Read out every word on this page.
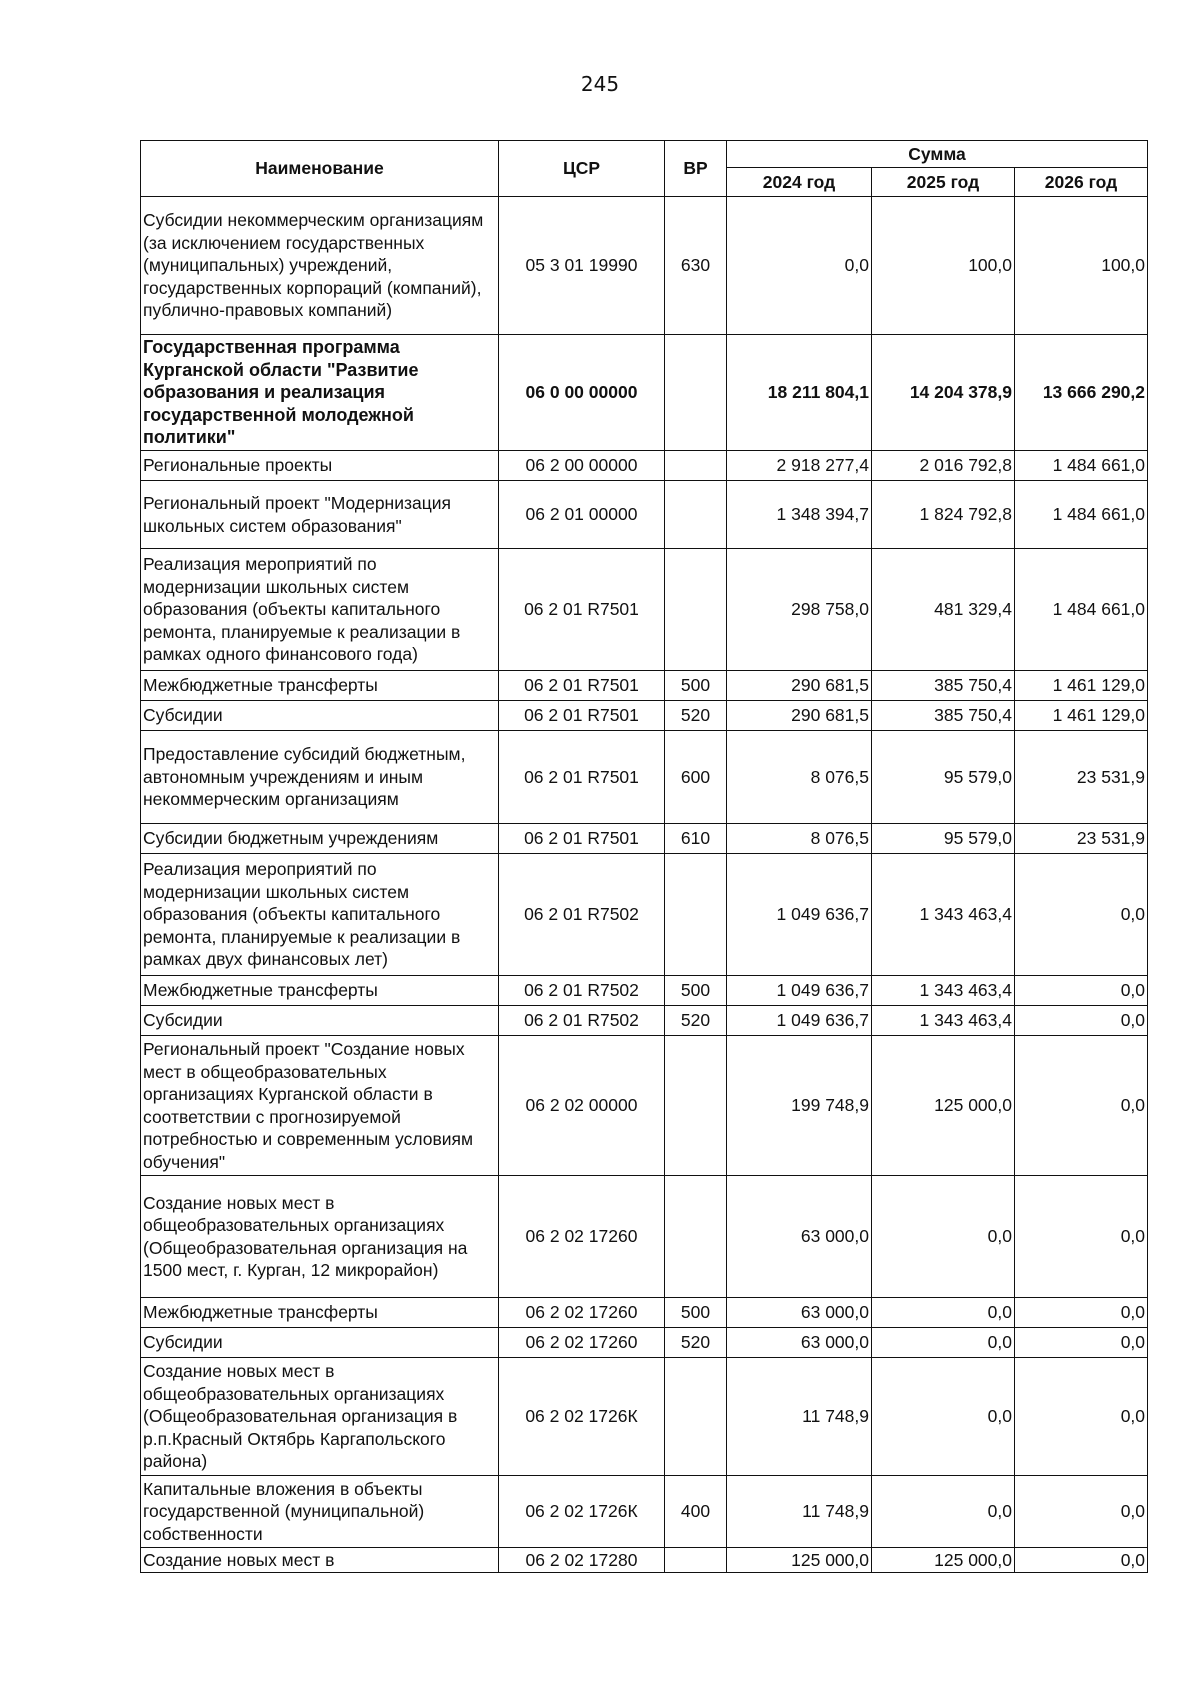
245
Наименование	ЦСР	ВР	Сумма		
			2024 год	2025 год	2026 год
Субсидии некоммерческим организациям (за исключением государственных (муниципальных) учреждений, государственных корпораций (компаний), публично-правовых компаний)	05 3 01 19990	630	0,0	100,0	100,0
Государственная программа Курганской области "Развитие образования и реализация государственной молодежной политики"	06 0 00 00000		18 211 804,1	14 204 378,9	13 666 290,2
Региональные проекты	06 2 00 00000		2 918 277,4	2 016 792,8	1 484 661,0
Региональный проект "Модернизация школьных систем образования"	06 2 01 00000		1 348 394,7	1 824 792,8	1 484 661,0
Реализация мероприятий по модернизации школьных систем образования (объекты капитального ремонта, планируемые к реализации в рамках одного финансового года)	06 2 01 R7501		298 758,0	481 329,4	1 484 661,0
Межбюджетные трансферты	06 2 01 R7501	500	290 681,5	385 750,4	1 461 129,0
Субсидии	06 2 01 R7501	520	290 681,5	385 750,4	1 461 129,0
Предоставление субсидий бюджетным, автономным учреждениям и иным некоммерческим организациям	06 2 01 R7501	600	8 076,5	95 579,0	23 531,9
Субсидии бюджетным учреждениям	06 2 01 R7501	610	8 076,5	95 579,0	23 531,9
Реализация мероприятий по модернизации школьных систем образования (объекты капитального ремонта, планируемые к реализации в рамках двух финансовых лет)	06 2 01 R7502		1 049 636,7	1 343 463,4	0,0
Межбюджетные трансферты	06 2 01 R7502	500	1 049 636,7	1 343 463,4	0,0
Субсидии	06 2 01 R7502	520	1 049 636,7	1 343 463,4	0,0
Региональный проект "Создание новых мест в общеобразовательных организациях Курганской области в соответствии с прогнозируемой потребностью и современным условиям обучения"	06 2 02 00000		199 748,9	125 000,0	0,0
Создание новых мест в общеобразовательных организациях (Общеобразовательная организация на 1500 мест, г. Курган, 12 микрорайон)	06 2 02 17260		63 000,0	0,0	0,0
Межбюджетные трансферты	06 2 02 17260	500	63 000,0	0,0	0,0
Субсидии	06 2 02 17260	520	63 000,0	0,0	0,0
Создание новых мест в общеобразовательных организациях (Общеобразовательная организация в р.п.Красный Октябрь Каргапольского района)	06 2 02 1726К		11 748,9	0,0	0,0
Капитальные вложения в объекты государственной (муниципальной) собственности	06 2 02 1726К	400	11 748,9	0,0	0,0
Создание новых мест в	06 2 02 17280		125 000,0	125 000,0	0,0
